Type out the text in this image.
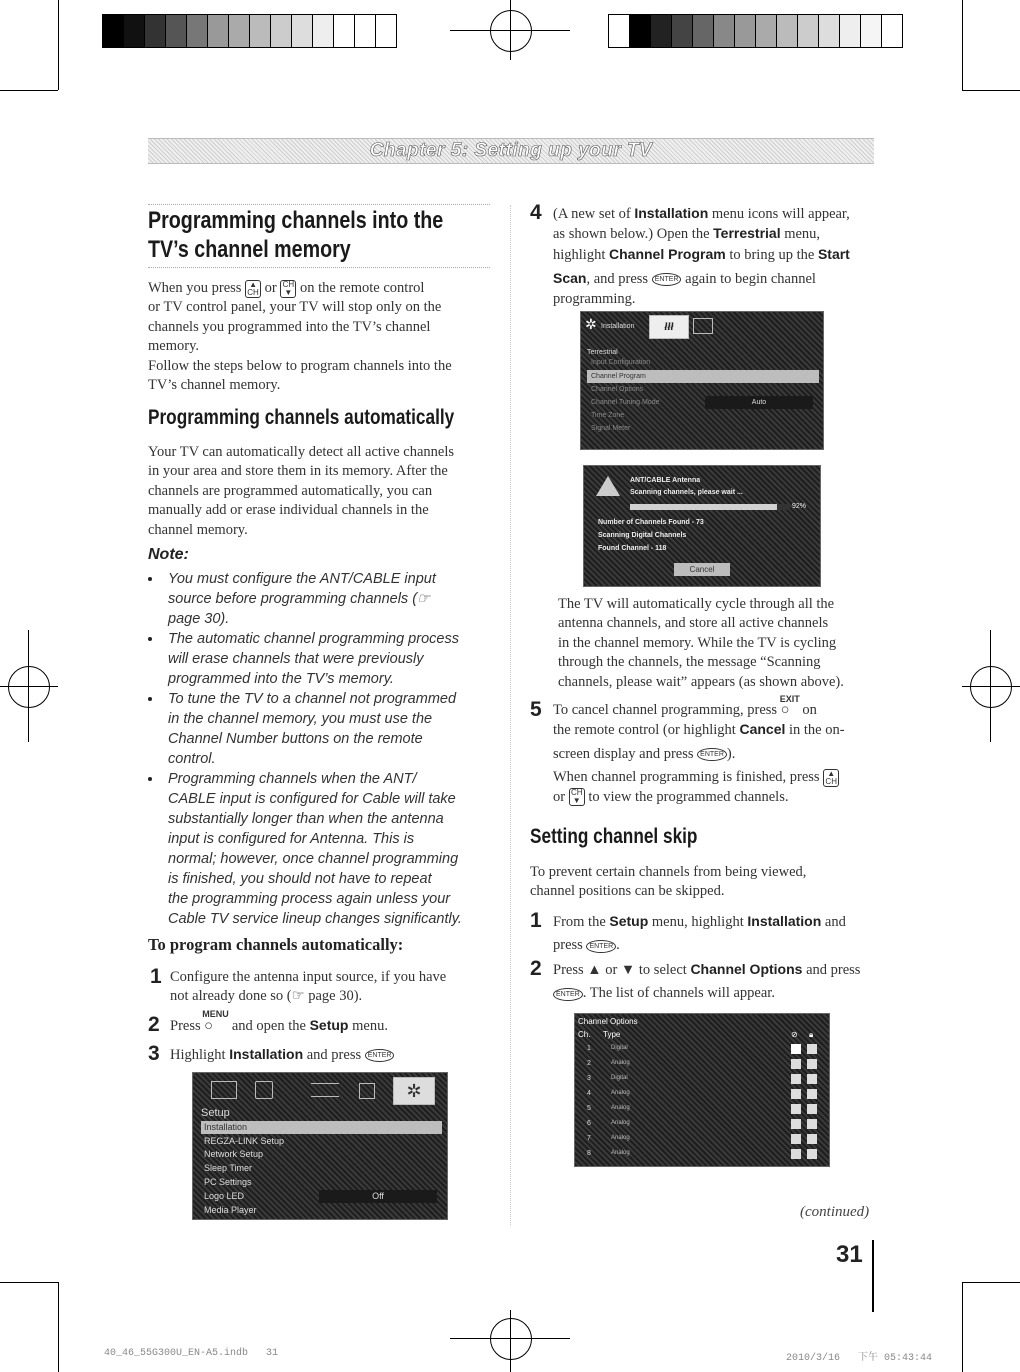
Chapter 5: Setting up your TV
Programming channels into the
TV’s channel memory
When you press ▲
CH or CH
▼ on the remote control
or TV control panel, your TV will stop only on the
channels you programmed into the TV’s channel
memory.
Follow the steps below to program channels into the
TV’s channel memory.
Programming channels automatically
Your TV can automatically detect all active channels
in your area and store them in its memory. After the
channels are programmed automatically, you can
manually add or erase individual channels in the
channel memory.
Note:
You must configure the ANT/CABLE input
source before programming channels (☞
page 30).
The automatic channel programming process
will erase channels that were previously
programmed into the TV’s memory.
To tune the TV to a channel not programmed
in the channel memory, you must use the
Channel Number buttons on the remote
control.
Programming channels when the ANT/
CABLE input is configured for Cable will take
substantially longer than when the antenna
input is configured for Antenna. This is
normal; however, once channel programming
is finished, you should not have to repeat
the programming process again unless your
Cable TV service lineup changes significantly.
To program channels automatically:
1 Configure the antenna input source, if you have
not already done so (☞ page 30).
2 Press
MENU
○ and open the Setup menu.
3 Highlight Installation and press ENTER
✲
Setup
Installation
REGZA-LINK Setup
Network Setup
Sleep Timer
PC Settings
Logo LED	Off
Media Player
4 (A new set of Installation menu icons will appear,
as shown below.) Open the Terrestrial menu,
highlight Channel Program to bring up the Start
Scan, and press ENTER again to begin channel
programming.
✲ Installation	łłł
Terrestrial
Input Configuration
Channel Program
Channel Options
Channel Tuning Mode	Auto
Time Zone
Signal Meter
ANT/CABLE Antenna
Scanning channels, please wait ...
92%
Number of Channels Found - 73
Scanning Digital Channels
Found Channel - 118
Cancel
The TV will automatically cycle through all the
antenna channels, and store all active channels
in the channel memory. While the TV is cycling
through the channels, the message “Scanning
channels, please wait” appears (as shown above).
5 To cancel channel programming, press
EXIT
○ on
the remote control (or highlight Cancel in the on-
screen display and press ENTER ).
When channel programming is finished, press ▲
CH
or CH
▼ to view the programmed channels.
Setting channel skip
To prevent certain channels from being viewed,
channel positions can be skipped.
1 From the Setup menu, highlight Installation and
press ENTER .
2 Press ▲ or ▼ to select Channel Options and press
ENTER . The list of channels will appear.
Channel Options
Ch. Type	⊘ 🔒︎
1	Digital
2	Analog
3	Digital
4	Analog
5	Analog
6	Analog
7	Analog
8	Analog
(continued)
31
40_46_55G300U_EN-A5.indb   31	2010/3/16   下午 05:43:44
